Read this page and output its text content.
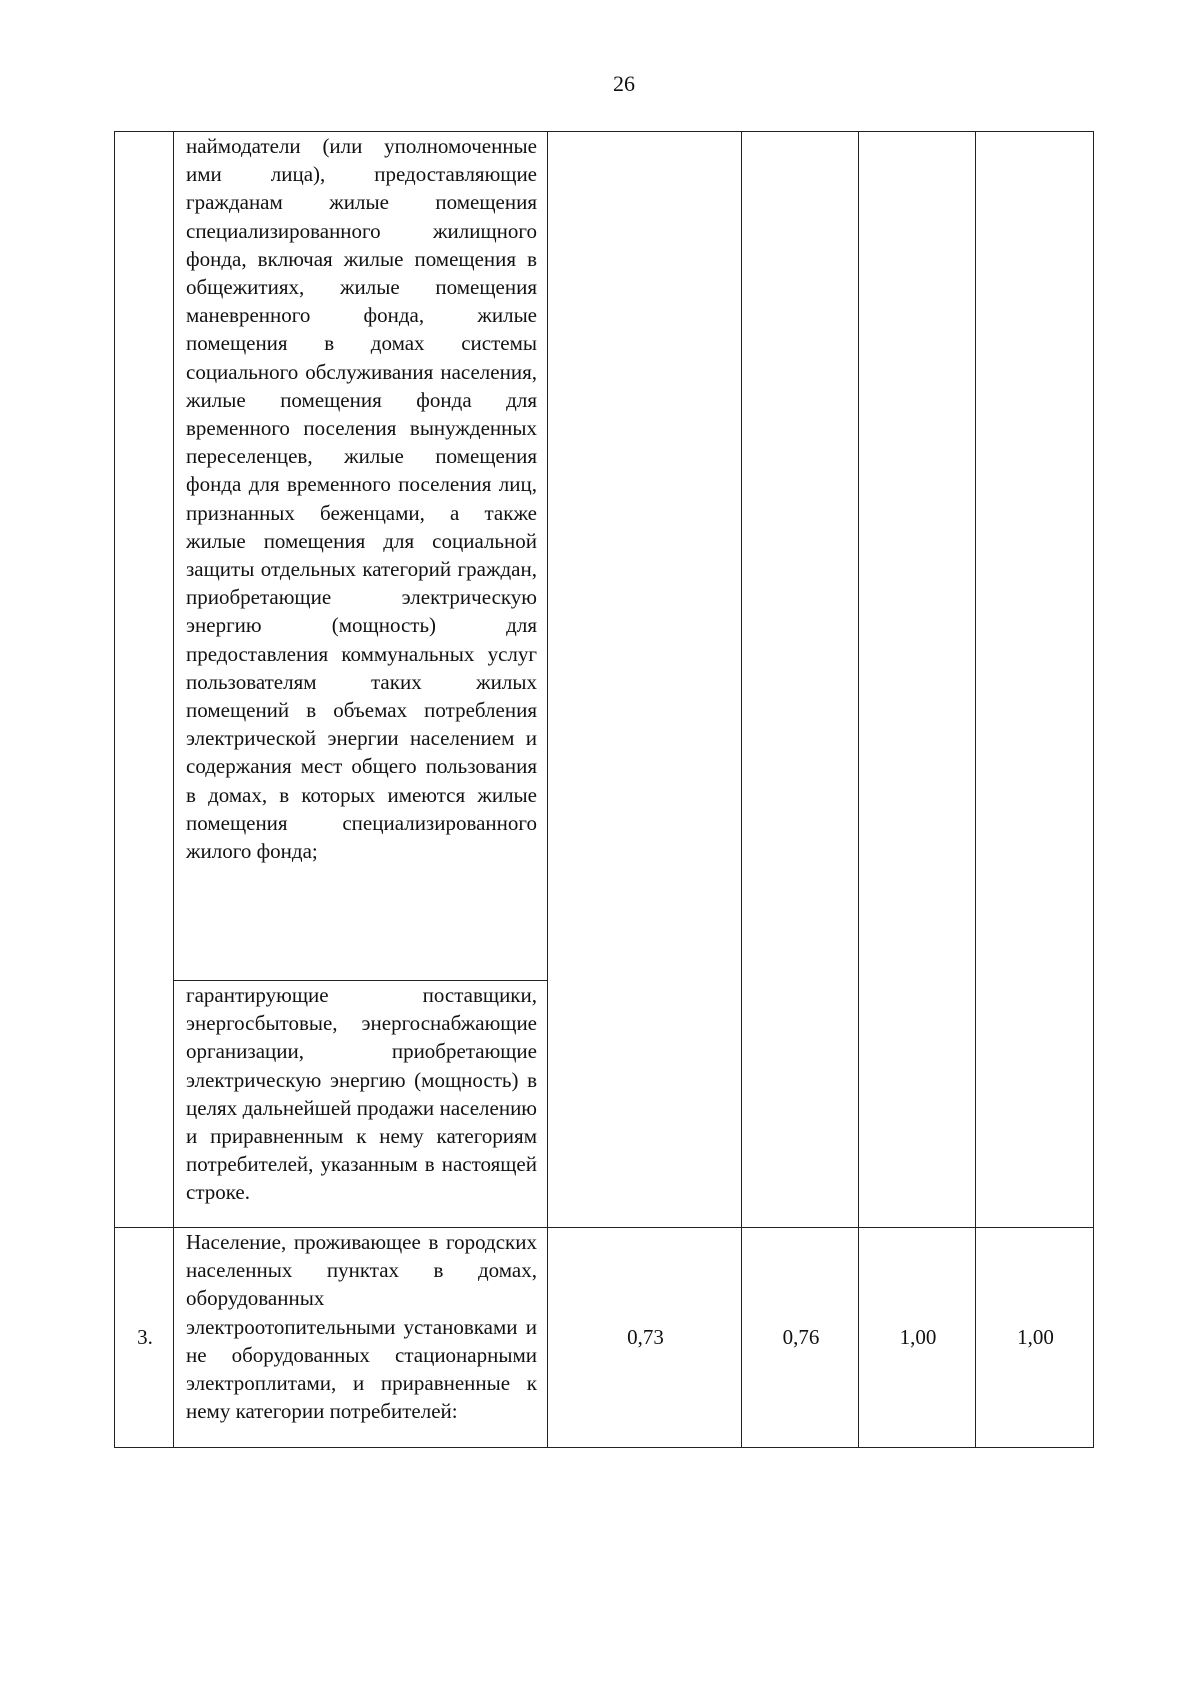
26
	наймодатели (или уполномоченные ими лица), предоставляющие гражданам жилые помещения специализированного жилищного фонда, включая жилые помещения в общежитиях, жилые помещения маневренного фонда, жилые помещения в домах системы социального обслуживания населения, жилые помещения фонда для временного поселения вынужденных переселенцев, жилые помещения фонда для временного поселения лиц, признанных беженцами, а также жилые помещения для социальной защиты отдельных категорий граждан, приобретающие электрическую энергию (мощность) для предоставления коммунальных услуг пользователям таких жилых помещений в объемах потребления электрической энергии населением и содержания мест общего пользования в домах, в которых имеются жилые помещения специализированного жилого фонда;				
	гарантирующие поставщики, энергосбытовые, энергоснабжающие организации, приобретающие электрическую энергию (мощность) в целях дальнейшей продажи населению и приравненным к нему категориям потребителей, указанным в настоящей строке.				
3.	Население, проживающее в городских населенных пунктах в домах, оборудованных электроотопительными установками и не оборудованных стационарными электроплитами, и приравненные к нему категории потребителей:	0,73	0,76	1,00	1,00
